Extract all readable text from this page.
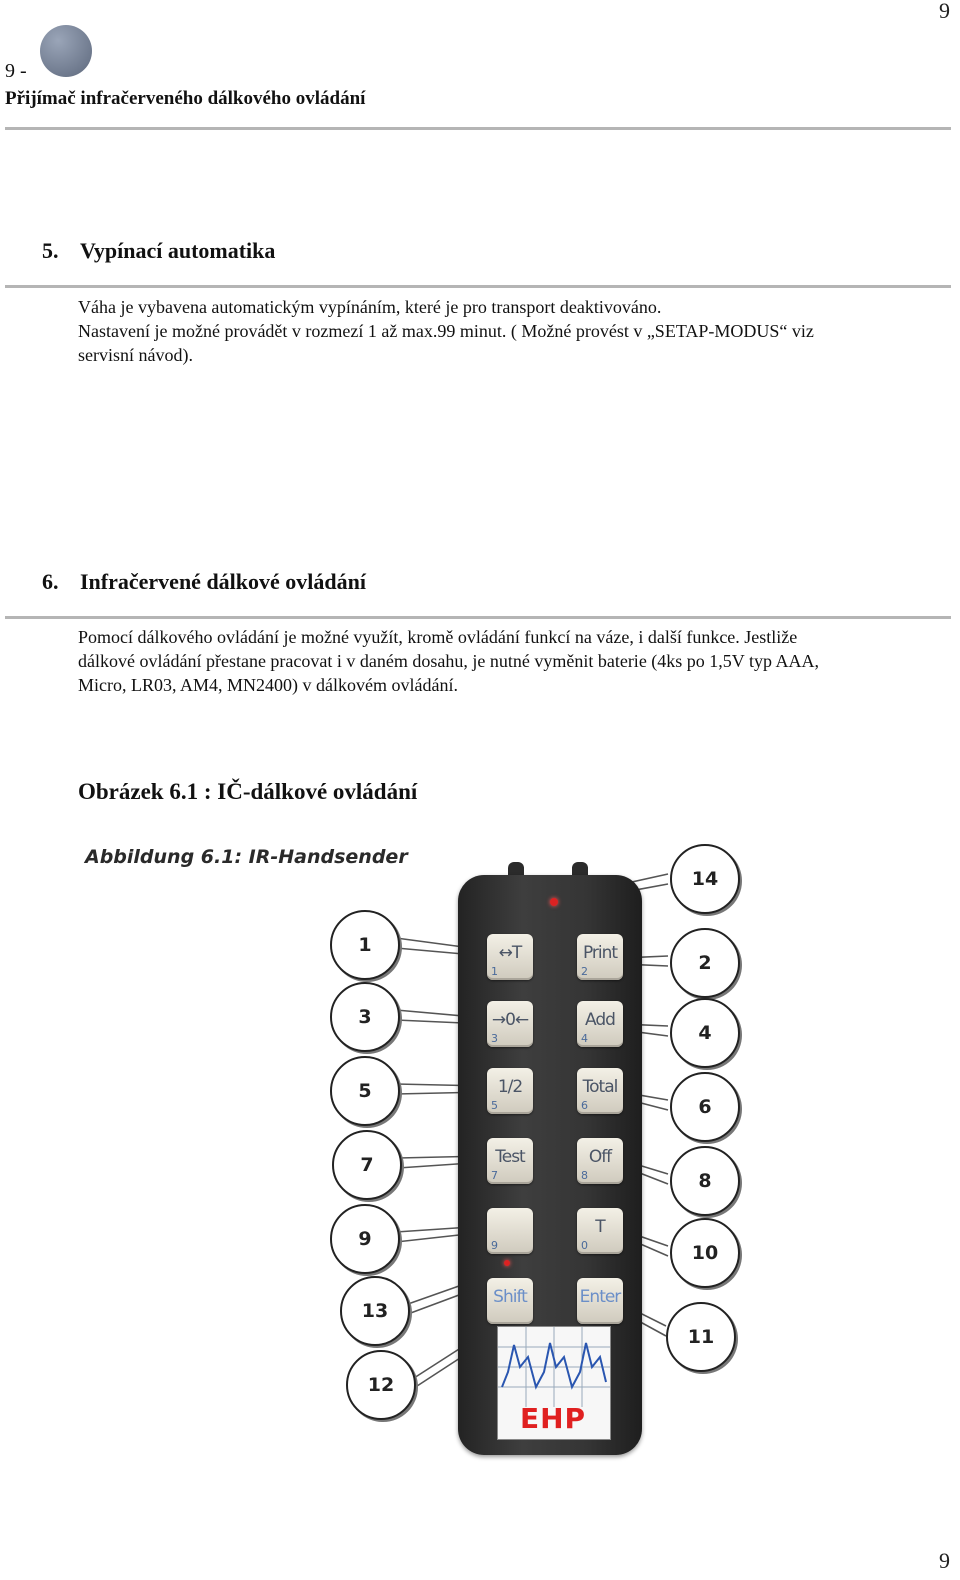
9
9 -
Přijímač infračerveného dálkového ovládání
5. Vypínací automatika
Váha je vybavena automatickým vypínáním, které je pro transport deaktivováno.
Nastavení je možné provádět v rozmezí 1 až max.99 minut. ( Možné provést v „SETAP-MODUS“ viz
servisní návod).
6. Infračervené dálkové ovládání
Pomocí dálkového ovládání je možné využít, kromě ovládání funkcí na váze, i další funkce. Jestliže
dálkové ovládání přestane pracovat i v daném dosahu, je nutné vyměnit baterie (4ks po 1,5V typ AAA,
Micro, LR03, AM4, MN2400) v dálkovém ovládání.
Obrázek 6.1 : IČ-dálkové ovládání
Abbildung 6.1: IR-Handsender
↔T
1
Print
2
→0←
3
Add
4
1/2
5
Total
6
Test
7
Off
8
9
T
0
Shift	Enter
EHP
1
2
3
4
5
6
7
8
9
10
11
12
13
14
9
